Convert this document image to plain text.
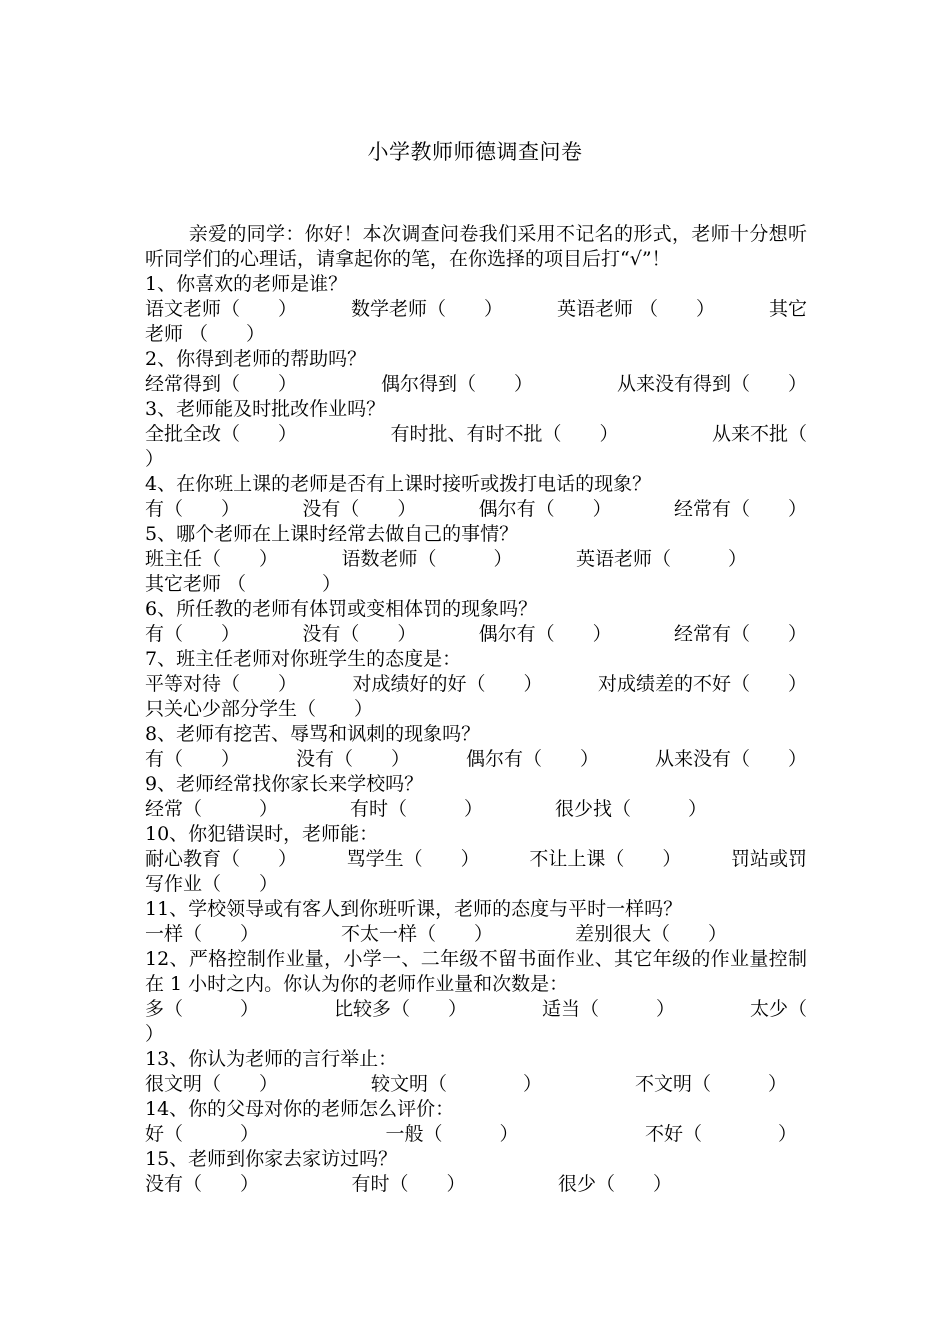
小学教师师德调查问卷
亲爱的同学：你好！本次调查问卷我们采用不记名的形式，老师十分想听听同学们的心理话，请拿起你的笔，在你选择的项目后打“√”！
1、你喜欢的老师是谁？
语文老师（　　）	数学老师（　　）	英语老师 （　　）	其它
老师 （　　）
2、你得到老师的帮助吗？
经常得到（　　）	偶尔得到（　　）	从来没有得到（　　）
3、老师能及时批改作业吗？
全批全改（　　）	有时批、有时不批（　　）	从来不批（
）
4、在你班上课的老师是否有上课时接听或拨打电话的现象？
有（　　）	没有（　　）	偶尔有（　　）	经常有（　　）
5、哪个老师在上课时经常去做自己的事情？
班主任（　　）	语数老师（　　　）	英语老师（　　　）
其它老师 （　　　　）
6、所任教的老师有体罚或变相体罚的现象吗？
有（　　）	没有（　　）	偶尔有（　　）	经常有（　　）
7、班主任老师对你班学生的态度是：
平等对待（　　）	对成绩好的好（　　）	对成绩差的不好（　　）
只关心少部分学生（　　）
8、老师有挖苦、辱骂和讽刺的现象吗？
有（　　）	没有（　　）	偶尔有（　　）	从来没有（　　）
9、老师经常找你家长来学校吗？
经常（　　　）	有时（　　　）	很少找（　　　）
10、你犯错误时，老师能：
耐心教育（　　）	骂学生（　　）	不让上课（　　）	罚站或罚
写作业（　　）
11、学校领导或有客人到你班听课，老师的态度与平时一样吗？
一样（　　）	不太一样（　　）	差别很大（　　）
12、严格控制作业量，小学一、二年级不留书面作业、其它年级的作业量控制在 1 小时之内。你认为你的老师作业量和次数是：
多（　　　）	比较多（　　）	适当（　　　）	太少（
）
13、你认为老师的言行举止：
很文明（　　）	较文明（　　　　）	不文明（　　　）
14、你的父母对你的老师怎么评价：
好（　　　）	一般（　　　）	不好（　　　　）
15、老师到你家去家访过吗？
没有（　　）	有时（　　）	很少（　　）
